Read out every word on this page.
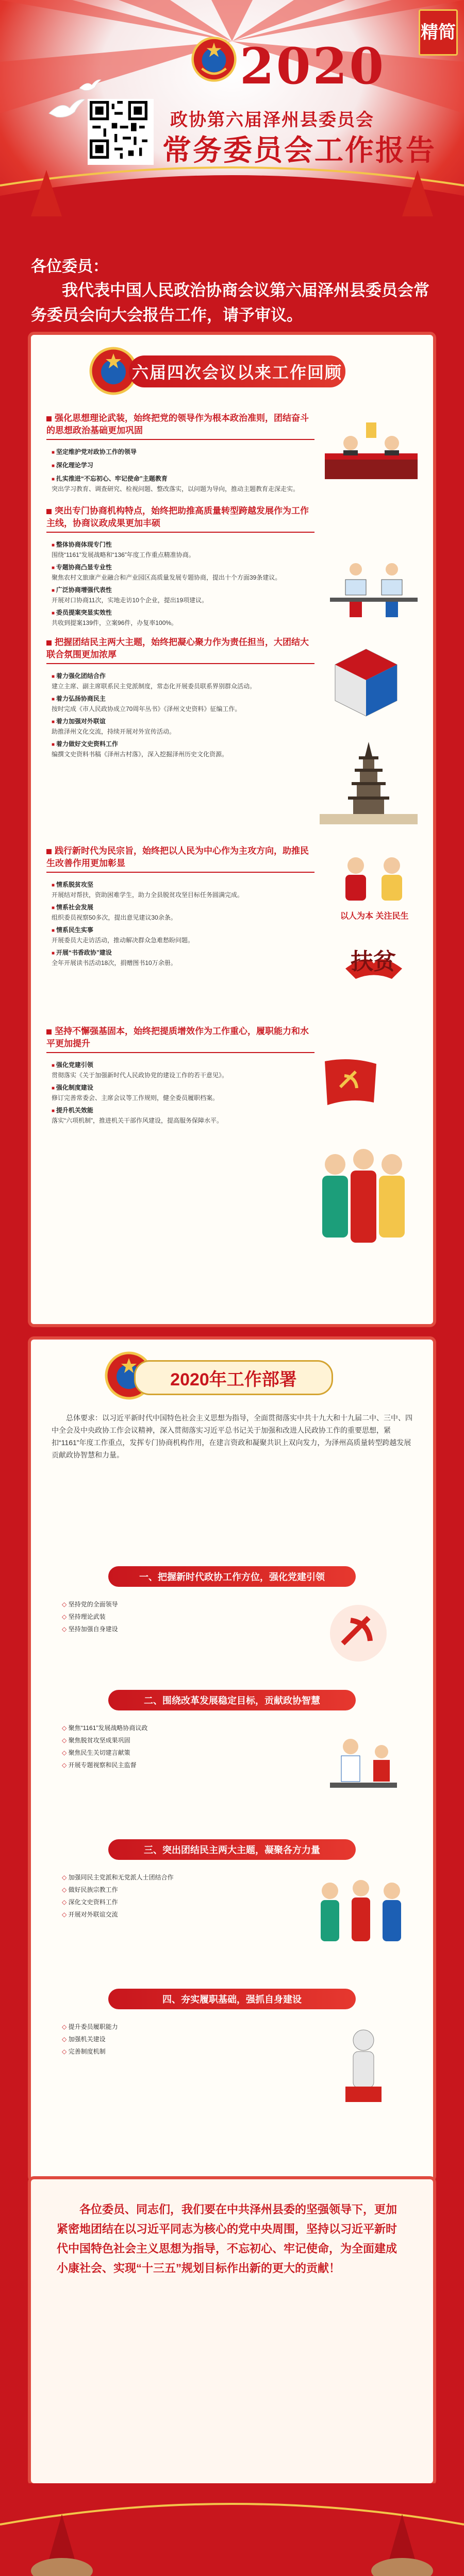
精简
2020
政协第六届泽州县委员会
常务委员会工作报告
各位委员：
我代表中国人民政治协商会议第六届泽州县委员会常务委员会向大会报告工作，请予审议。
六届四次会议以来工作回顾
强化思想理论武装，始终把党的领导作为根本政治准则，团结奋斗的思想政治基础更加巩固

■ 坚定维护党对政协工作的领导

■ 深化理论学习

■ 扎实推进“不忘初心、牢记使命”主题教育

突出学习教育、调查研究、检视问题、整改落实，以问题为导向，推动主题教育走深走实。

突出专门协商机构特点，始终把助推高质量转型跨越发展作为工作主线，协商议政成果更加丰硕

■ 整体协商体现专门性

围绕“1161”发展战略和“136”年度工作重点精准协商。

■ 专题协商凸显专业性

聚焦农村文旅康产业融合和产业园区高质量发展专题协商，提出十个方面39条建议。

■ 广泛协商增强代表性

开展对口协商11次，实地走访10个企业，提出19项建议。

■ 委员提案突显实效性

共收到提案139件，立案96件，办复率100%。

把握团结民主两大主题，始终把凝心聚力作为责任担当，大团结大联合氛围更加浓厚

■ 着力强化团结合作

建立主席、副主席联系民主党派制度，常态化开展委员联系界别群众活动。

■ 着力弘扬协商民主

按时完成《市人民政协成立70周年丛书》《泽州文史资料》征编工作。

■ 着力加强对外联谊

助推泽州文化交流，持续开展对外宣传活动。

■ 着力做好文史资料工作

编撰文史资料书稿《泽州古村落》，深入挖掘泽州历史文化资源。

践行新时代为民宗旨，始终把以人民为中心作为主攻方向，助推民生改善作用更加彰显

■ 情系脱贫攻坚

开展结对帮扶，资助困难学生，助力全县脱贫攻坚目标任务圆满完成。

■ 情系社会发展

组织委员视察50多次，提出意见建议30余条。

■ 情系民生实事

开展委员大走访活动，推动解决群众急难愁盼问题。

■ 开展“书香政协”建设

全年开展读书活动18次，捐赠图书10万余册。

以人为本 关注民生
扶贫
坚持不懈强基固本，始终把提质增效作为工作重心，履职能力和水平更加提升

■ 强化党建引领

贯彻落实《关于加强新时代人民政协党的建设工作的若干意见》。

■ 强化制度建设

修订完善常委会、主席会议等工作规则，健全委员履职档案。

■ 提升机关效能

落实“六项机制”，推进机关干部作风建设，提高服务保障水平。

2020年工作部署
总体要求：以习近平新时代中国特色社会主义思想为指导，全面贯彻落实中共十九大和十九届二中、三中、四中全会及中央政协工作会议精神，深入贯彻落实习近平总书记关于加强和改进人民政协工作的重要思想，紧扣“1161”年度工作重点，发挥专门协商机构作用，在建言资政和凝聚共识上双向发力，为泽州高质量转型跨越发展贡献政协智慧和力量。
一、把握新时代政协工作方位，强化党建引领

◇ 坚持党的全面领导

◇ 坚持理论武装

◇ 坚持加强自身建设

二、围绕改革发展稳定目标，贡献政协智慧

◇ 聚焦“1161”发展战略协商议政

◇ 聚焦脱贫攻坚成果巩固

◇ 聚焦民生关切建言献策

◇ 开展专题视察和民主监督

三、突出团结民主两大主题，凝聚各方力量

◇ 加强同民主党派和无党派人士团结合作

◇ 做好民族宗教工作

◇ 深化文史资料工作

◇ 开展对外联谊交流

四、夯实履职基础，强抓自身建设

◇ 提升委员履职能力

◇ 加强机关建设

◇ 完善制度机制

各位委员、同志们，我们要在中共泽州县委的坚强领导下，更加紧密地团结在以习近平同志为核心的党中央周围，坚持以习近平新时代中国特色社会主义思想为指导，不忘初心、牢记使命，为全面建成小康社会、实现“十三五”规划目标作出新的更大的贡献！
